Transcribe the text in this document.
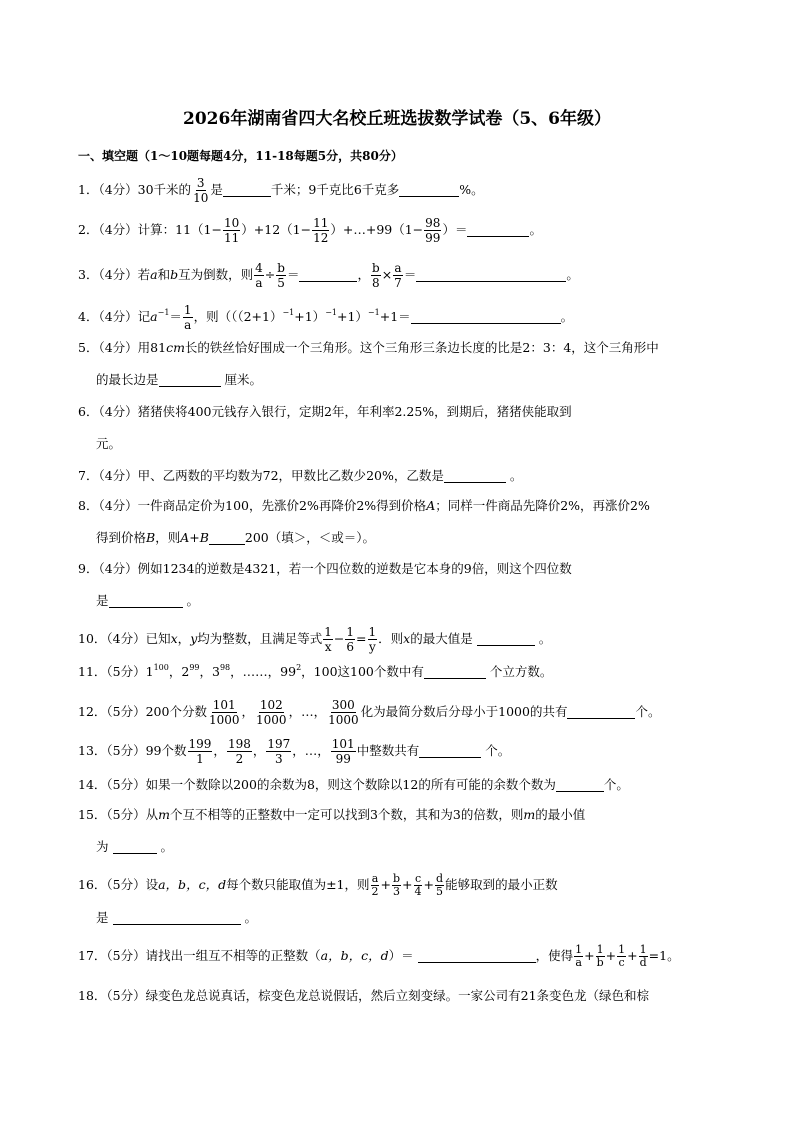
2026年湖南省四大名校丘班选拔数学试卷（5、6年级）
一、填空题（1～10题每题4分，11-18每题5分，共80分）
1．（4分）30千米的 $\frac{3}{10}$ 是	千米；9千克比6千克多	%。
2．（4分）计算：$11(1- \frac{10}{11} )+12(1- \frac{11}{12}$ ）+…+99（1− $\frac{98}{99}$ ）＝	。
3．（4分）若a和b互为倒数，则 $\frac{4}{a} \div \frac{b}{5}$ ＝	， $\frac{b}{8} \times \frac{a}{7}$ ＝	。
4．（4分）记$a^{-1}= \frac{1}{a}$ ，则$(((2+1)^{-1}+1)^{-1}+1)^{-1}+1=$	。
5．（4分）用81cm长的铁丝恰好围成一个三角形。这个三角形三条边长度的比是2：3：4，这个三角形中
的最长边是	厘米。
6．（4分）猪猪侠将400元钱存入银行，定期2年，年利率2.25%，到期后，猪猪侠能取到
元。
7．（4分）甲、乙两数的平均数为72，甲数比乙数少20%，乙数是	。
8．（4分）一件商品定价为100，先涨价2%再降价2%得到价格A；同样一件商品先降价2%，再涨价2%
得到价格B，则A+B	200（填＞，＜或＝）。
9．（4分）例如1234的逆数是4321，若一个四位数的逆数是它本身的9倍，则这个四位数
是	。
10．（4分）已知x，y均为整数，且满足等式 $\frac{1}{x} - \frac{1}{6} = \frac{1}{y}$ ．则x的最大值是	。
11．（5分）$1^{100}$，$2^{99}$，$3^{98}$，……，$99^2$，100这100个数中有	个立方数。
12．（5分）200个分数 $\frac{101}{1000}$ ， $\frac{102}{1000}$ ，…， $\frac{300}{1000}$ 化为最简分数后分母小于1000的共有	个。
13．（5分）99个数 $\frac{199}{1}$ ， $\frac{198}{2}$ ， $\frac{197}{3}$ ，…， $\frac{101}{99}$ 中整数共有	个。
14．（5分）如果一个数除以200的余数为8，则这个数除以12的所有可能的余数个数为	个。
15．（5分）从m个互不相等的正整数中一定可以找到3个数，其和为3的倍数，则m的最小值
为	。
16．（5分）设a，b，c，d每个数只能取值为±1，则 $\frac{a}{2} + \frac{b}{3} + \frac{c}{4} + \frac{d}{5}$ 能够取到的最小正数
是	。
17．（5分）请找出一组互不相等的正整数（a，b，c，d）＝	，使得 $\frac{1}{a} + \frac{1}{b} + \frac{1}{c} + \frac{1}{d} =1$。
18．（5分）绿变色龙总说真话，棕变色龙总说假话，然后立刻变绿。一家公司有21条变色龙（绿色和棕
